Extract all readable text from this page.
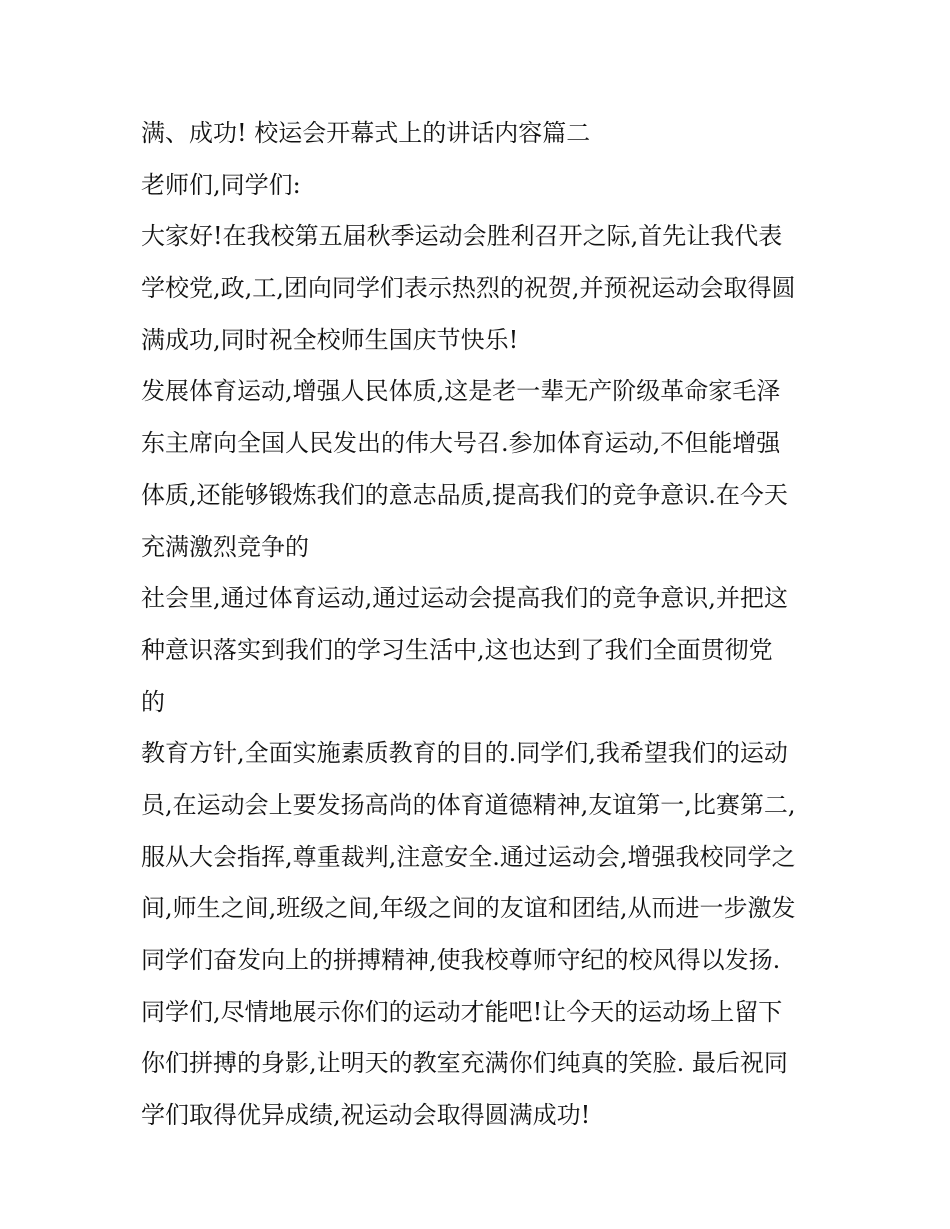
满、成功! 校运会开幕式上的讲话内容篇二
老师们,同学们:
大家好!在我校第五届秋季运动会胜利召开之际,首先让我代表
学校党,政,工,团向同学们表示热烈的祝贺,并预祝运动会取得圆
满成功,同时祝全校师生国庆节快乐!
发展体育运动,增强人民体质,这是老一辈无产阶级革命家毛泽
东主席向全国人民发出的伟大号召.参加体育运动,不但能增强
体质,还能够锻炼我们的意志品质,提高我们的竞争意识.在今天
充满激烈竞争的
社会里,通过体育运动,通过运动会提高我们的竞争意识,并把这
种意识落实到我们的学习生活中,这也达到了我们全面贯彻党
的
教育方针,全面实施素质教育的目的.同学们,我希望我们的运动
员,在运动会上要发扬高尚的体育道德精神,友谊第一,比赛第二,
服从大会指挥,尊重裁判,注意安全.通过运动会,增强我校同学之
间,师生之间,班级之间,年级之间的友谊和团结,从而进一步激发
同学们奋发向上的拼搏精神,使我校尊师守纪的校风得以发扬.
同学们,尽情地展示你们的运动才能吧!让今天的运动场上留下
你们拼搏的身影,让明天的教室充满你们纯真的笑脸. 最后祝同
学们取得优异成绩,祝运动会取得圆满成功!
